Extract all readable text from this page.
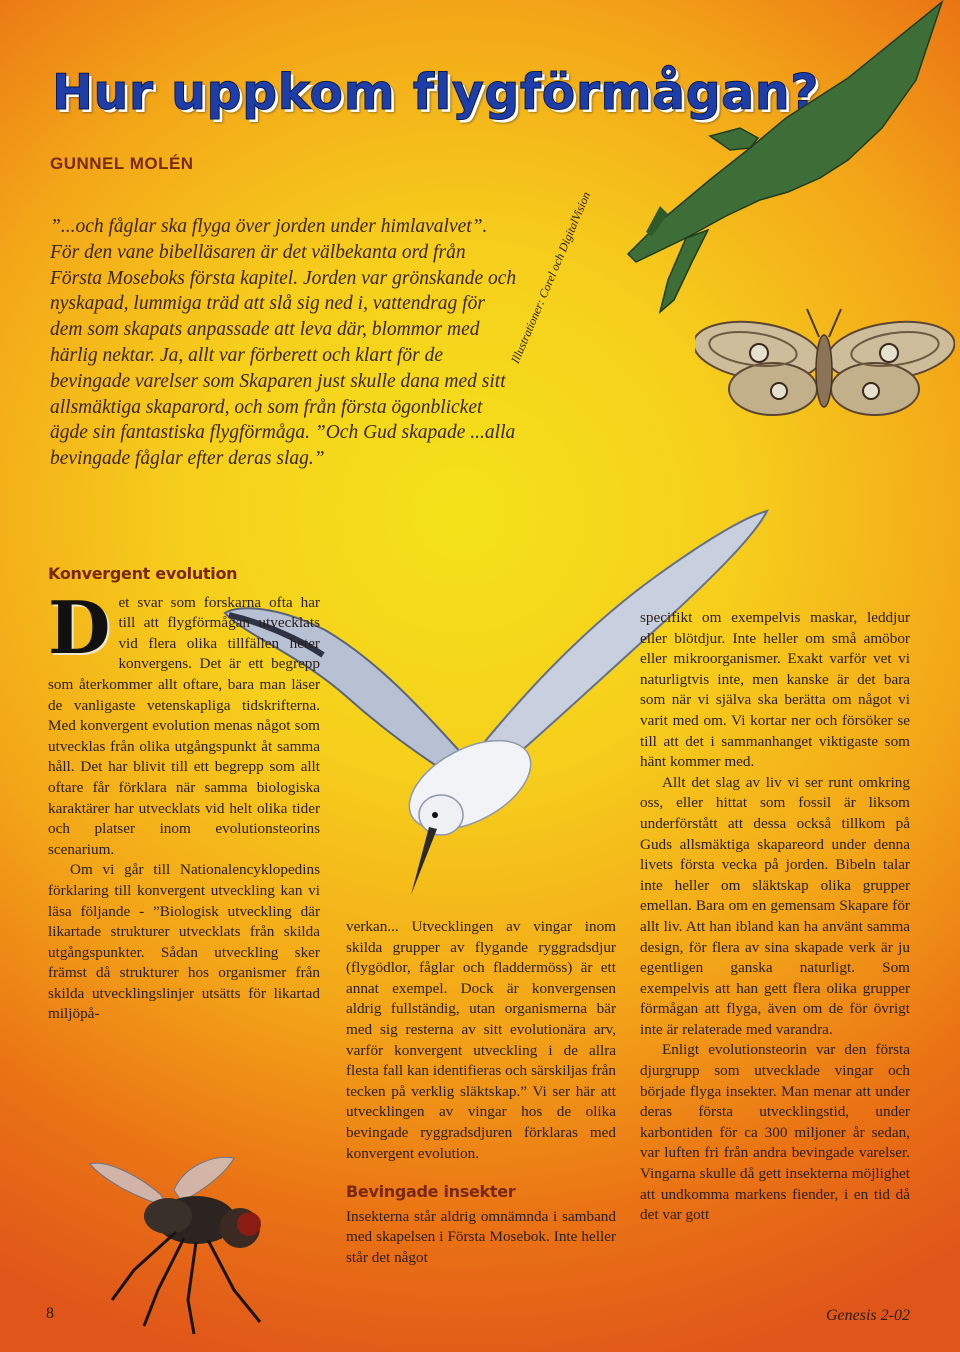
Hur uppkom flygförmågan?
GUNNEL MOLÉN

”...och fåglar ska flyga över jorden under himlavalvet”. För den vane bibelläsaren är det välbekanta ord från Första Moseboks första kapitel. Jorden var grönskande och nyskapad, lummiga träd att slå sig ned i, vattendrag för dem som skapats anpassade att leva där, blommor med härlig nektar. Ja, allt var förberett och klart för de bevingade varelser som Skaparen just skulle dana med sitt allsmäktiga skaparord, och som från första ögonblicket ägde sin fantastiska flygförmåga. ”Och Gud skapade ...alla bevingade fåglar efter deras slag.”

Illustrationer: Corel och DigitalVision
Konvergent evolution

Det svar som forskarna ofta har till att flygförmågan utvecklats vid flera olika tillfällen heter konvergens. Det är ett begrepp som återkommer allt oftare, bara man läser de vanligaste vetenskapliga tidskrifterna. Med konvergent evolution menas något som utvecklas från olika utgångspunkt åt samma håll. Det har blivit till ett begrepp som allt oftare får förklara när samma biologiska karaktärer har utvecklats vid helt olika tider och platser inom evolutionsteorins scenarium.

Om vi går till Nationalencyklopedins förklaring till konvergent utveckling kan vi läsa följande - ”Biologisk utveckling där likartade strukturer utvecklats från skilda utgångspunkter. Sådan utveckling sker främst då strukturer hos organismer från skilda utvecklingslinjer utsätts för likartad miljöpå-

verkan... Utvecklingen av vingar inom skilda grupper av flygande ryggradsdjur (flygödlor, fåglar och fladdermöss) är ett annat exempel. Dock är konvergensen aldrig fullständig, utan organismerna bär med sig resterna av sitt evolutionära arv, varför konvergent utveckling i de allra flesta fall kan identifieras och särskiljas från tecken på verklig släktskap.” Vi ser här att utvecklingen av vingar hos de olika bevingade ryggradsdjuren förklaras med konvergent evolution.

Bevingade insekter

Insekterna står aldrig omnämnda i samband med skapelsen i Första Mosebok. Inte heller står det något

specifikt om exempelvis maskar, leddjur eller blötdjur. Inte heller om små amöbor eller mikroorganismer. Exakt varför vet vi naturligtvis inte, men kanske är det bara som när vi själva ska berätta om något vi varit med om. Vi kortar ner och försöker se till att det i sammanhanget viktigaste som hänt kommer med.

Allt det slag av liv vi ser runt omkring oss, eller hittat som fossil är liksom underförstått att dessa också tillkom på Guds allsmäktiga skapareord under denna livets första vecka på jorden. Bibeln talar inte heller om släktskap olika grupper emellan. Bara om en gemensam Skapare för allt liv. Att han ibland kan ha använt samma design, för flera av sina skapade verk är ju egentligen ganska naturligt. Som exempelvis att han gett flera olika grupper förmågan att flyga, även om de för övrigt inte är relaterade med varandra.

Enligt evolutionsteorin var den första djurgrupp som utvecklade vingar och började flyga insekter. Man menar att under deras första utvecklingstid, under karbontiden för ca 300 miljoner år sedan, var luften fri från andra bevingade varelser. Vingarna skulle då gett insekterna möjlighet att undkomma markens fiender, i en tid då det var gott

8	Genesis 2-02
